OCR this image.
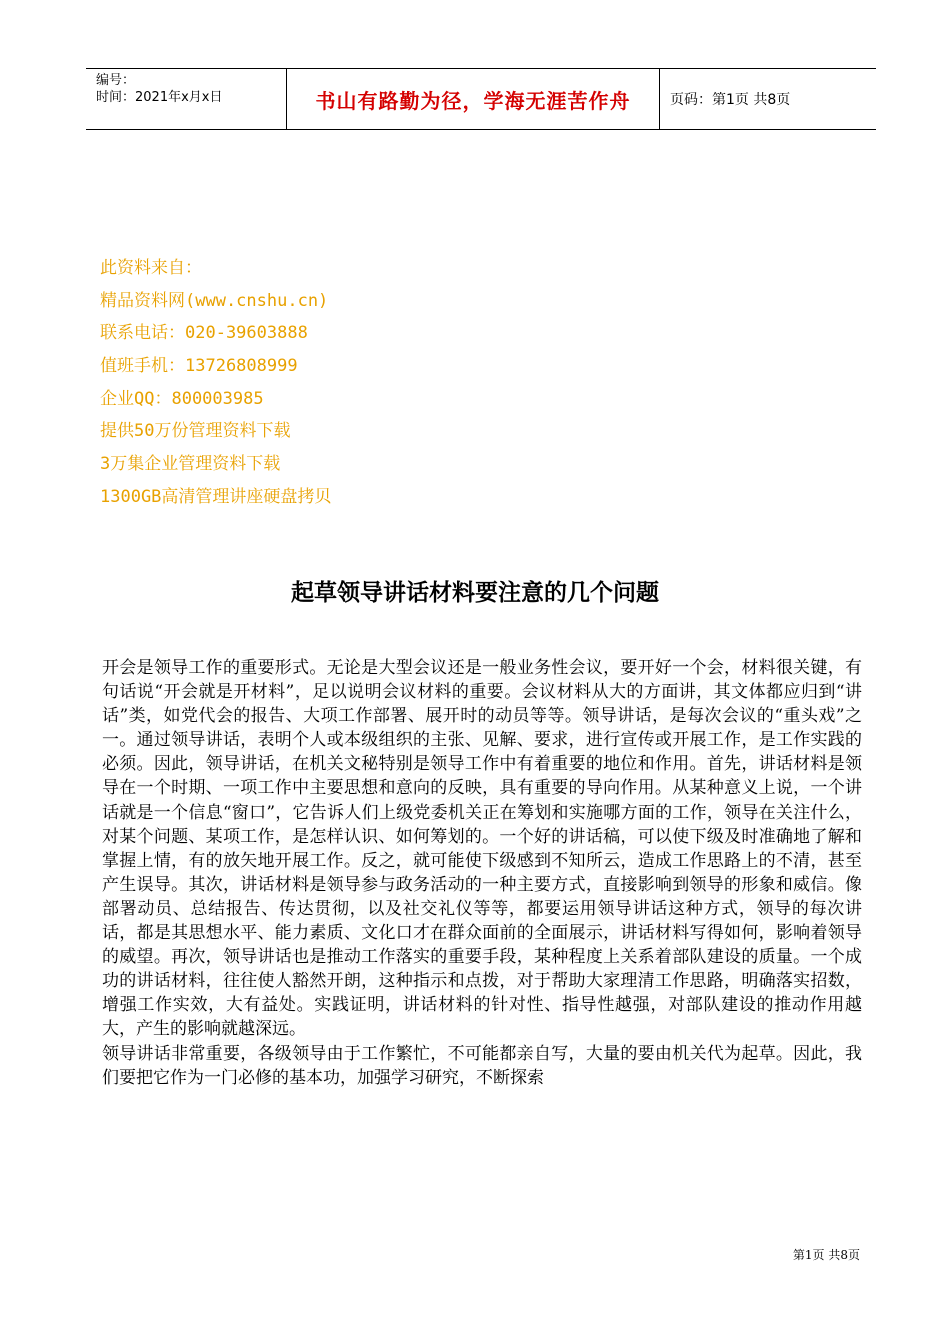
编号：
时间：2021年x月x日	书山有路勤为径，学海无涯苦作舟	页码：第1页 共8页
此资料来自：
精品资料网(www.cnshu.cn)
联系电话：020-39603888
值班手机：13726808999
企业QQ：800003985
提供50万份管理资料下载
3万集企业管理资料下载
1300GB高清管理讲座硬盘拷贝
起草领导讲话材料要注意的几个问题

开会是领导工作的重要形式。无论是大型会议还是一般业务性会议，要开好一个会，材料很关键，有句话说“开会就是开材料”，足以说明会议材料的重要。会议材料从大的方面讲，其文体都应归到“讲话”类，如党代会的报告、大项工作部署、展开时的动员等等。领导讲话，是每次会议的“重头戏”之一。通过领导讲话，表明个人或本级组织的主张、见解、要求，进行宣传或开展工作，是工作实践的必须。因此，领导讲话，在机关文秘特别是领导工作中有着重要的地位和作用。首先，讲话材料是领导在一个时期、一项工作中主要思想和意向的反映，具有重要的导向作用。从某种意义上说，一个讲话就是一个信息“窗口”，它告诉人们上级党委机关正在筹划和实施哪方面的工作，领导在关注什么，对某个问题、某项工作，是怎样认识、如何筹划的。一个好的讲话稿，可以使下级及时准确地了解和掌握上情，有的放矢地开展工作。反之，就可能使下级感到不知所云，造成工作思路上的不清，甚至产生误导。其次，讲话材料是领导参与政务活动的一种主要方式，直接影响到领导的形象和威信。像部署动员、总结报告、传达贯彻，以及社交礼仪等等，都要运用领导讲话这种方式，领导的每次讲话，都是其思想水平、能力素质、文化口才在群众面前的全面展示，讲话材料写得如何，影响着领导的威望。再次，领导讲话也是推动工作落实的重要手段，某种程度上关系着部队建设的质量。一个成功的讲话材料，往往使人豁然开朗，这种指示和点拨，对于帮助大家理清工作思路，明确落实招数，增强工作实效，大有益处。实践证明，讲话材料的针对性、指导性越强，对部队建设的推动作用越大，产生的影响就越深远。

领导讲话非常重要，各级领导由于工作繁忙，不可能都亲自写，大量的要由机关代为起草。因此，我们要把它作为一门必修的基本功，加强学习研究，不断探索

第1页 共8页
